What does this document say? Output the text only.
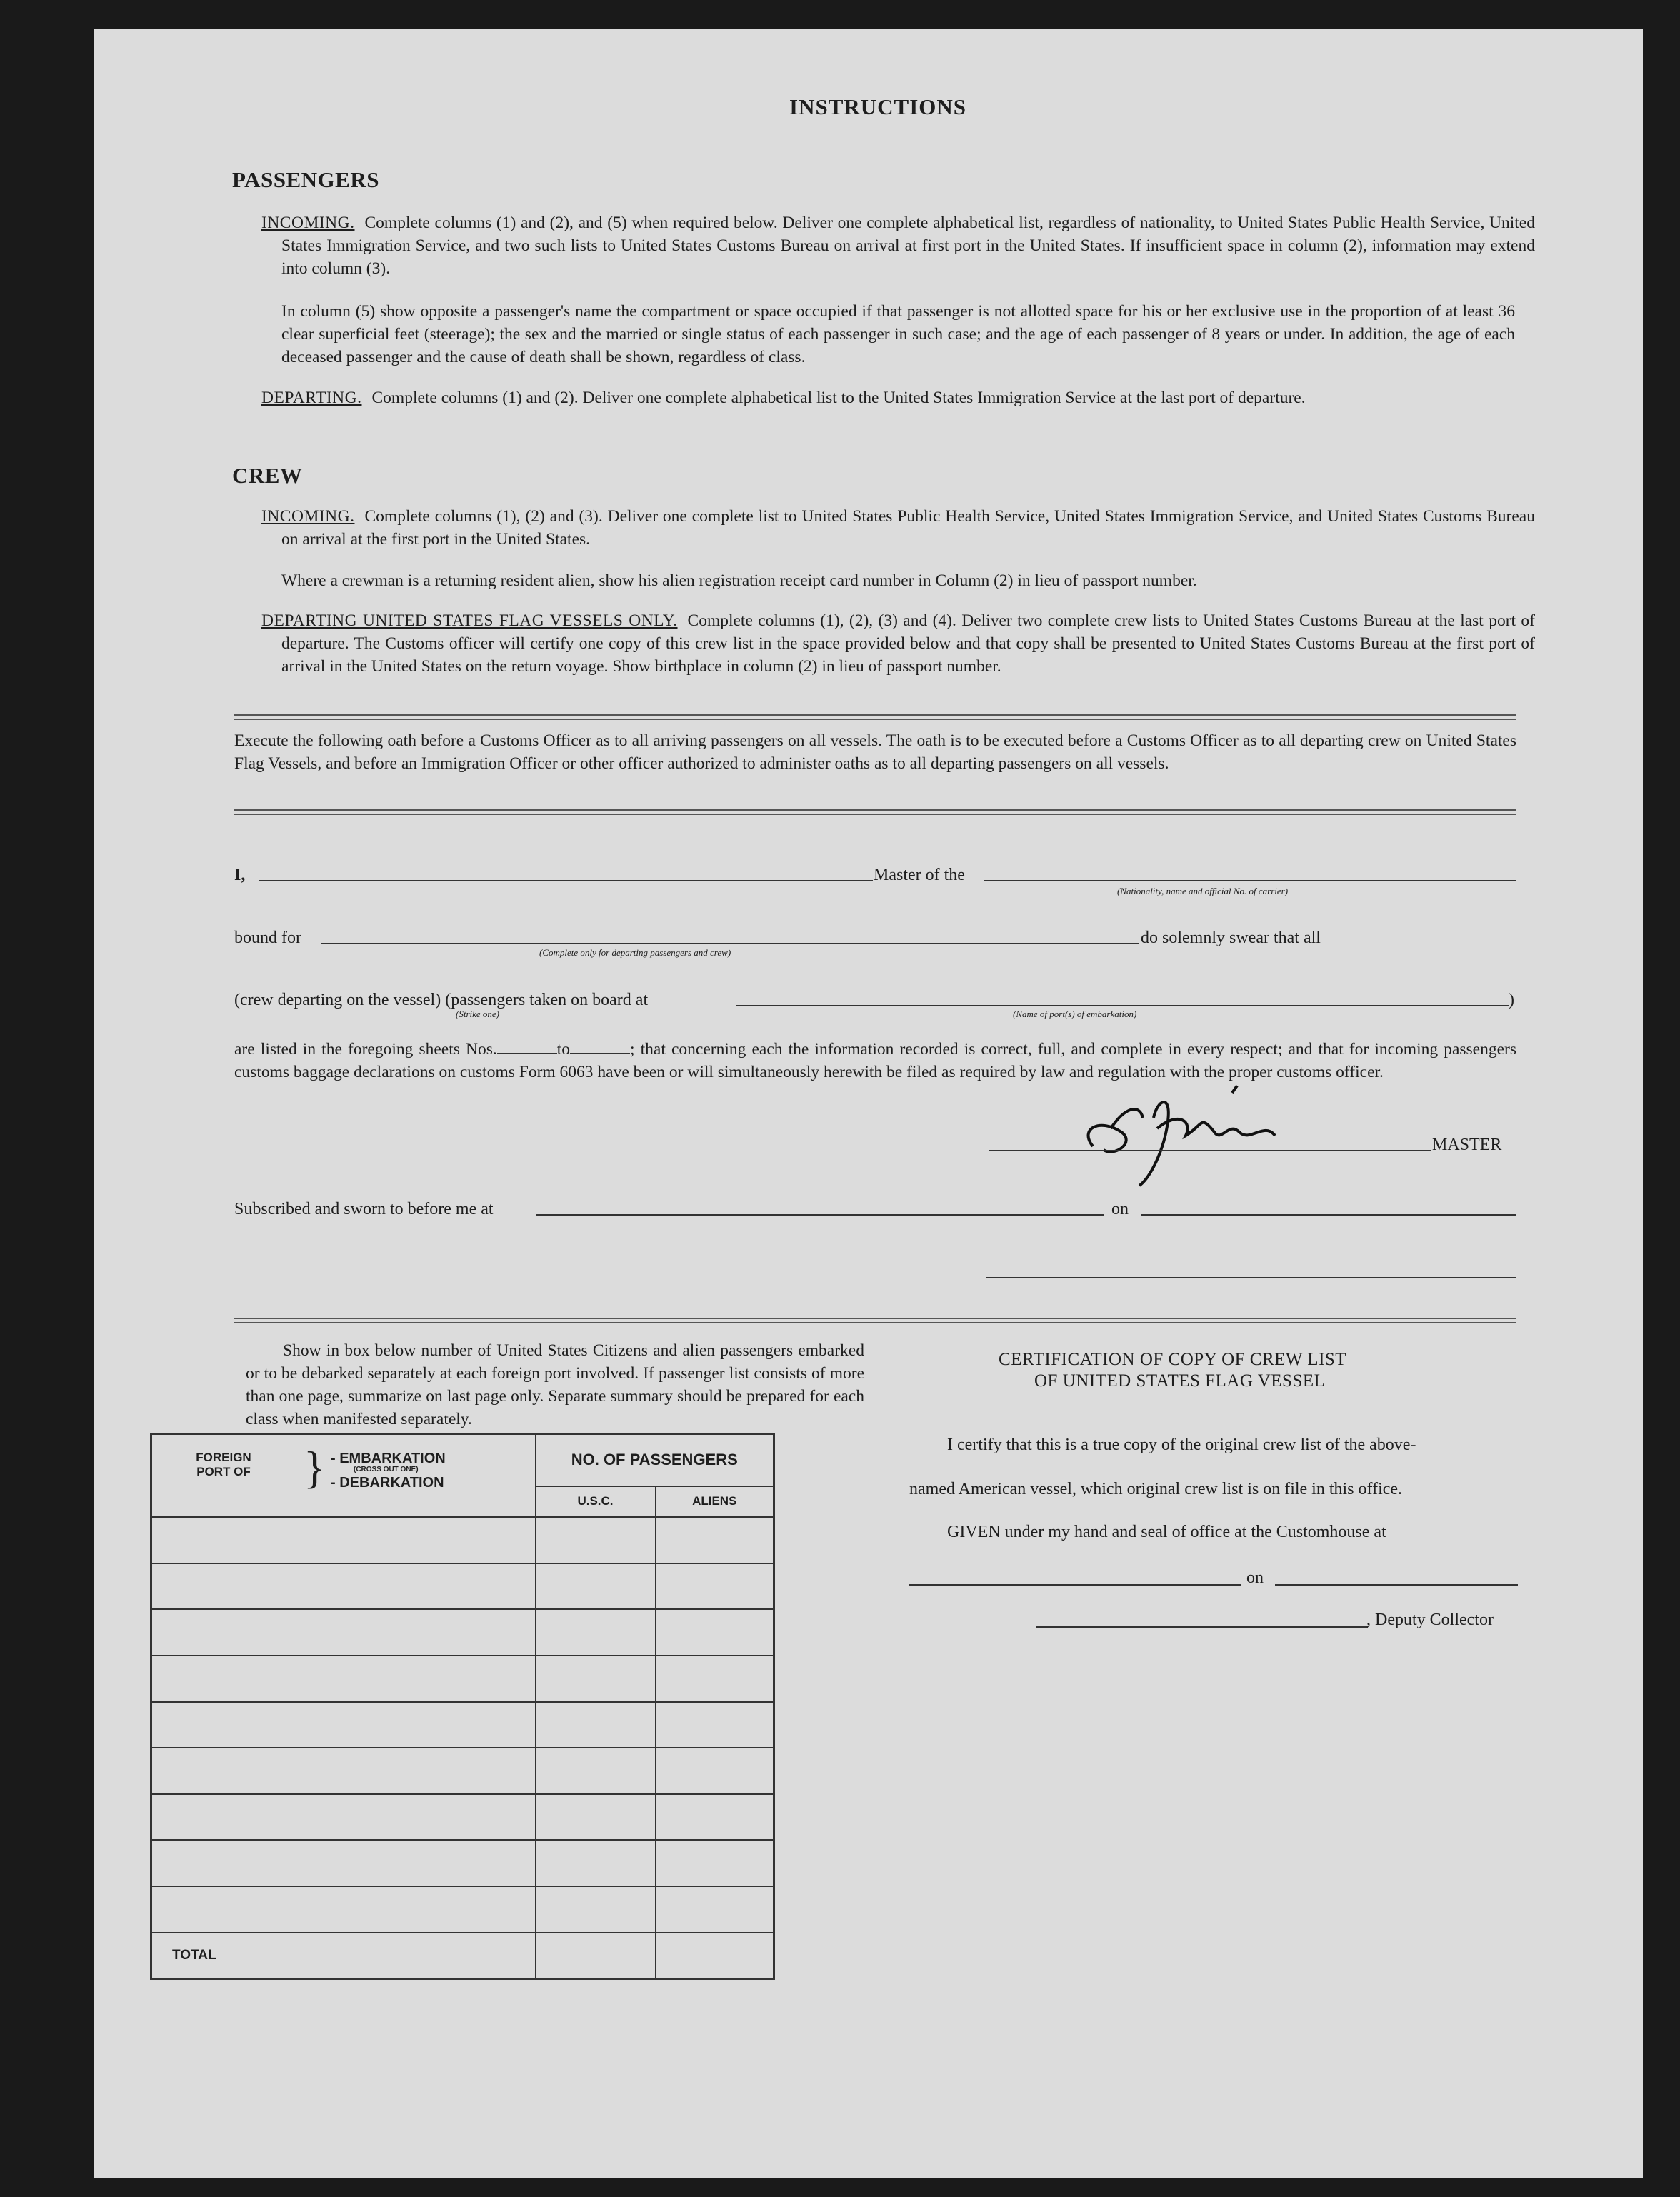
INSTRUCTIONS
PASSENGERS
INCOMING. Complete columns (1) and (2), and (5) when required below. Deliver one complete alphabetical list, regardless of nationality, to United States Public Health Service, United States Immigration Service, and two such lists to United States Customs Bureau on arrival at first port in the United States. If insufficient space in column (2), information may extend into column (3).
In column (5) show opposite a passenger's name the compartment or space occupied if that passenger is not allotted space for his or her exclusive use in the proportion of at least 36 clear superficial feet (steerage); the sex and the married or single status of each passenger in such case; and the age of each passenger of 8 years or under. In addition, the age of each deceased passenger and the cause of death shall be shown, regardless of class.
DEPARTING. Complete columns (1) and (2). Deliver one complete alphabetical list to the United States Immigration Service at the last port of departure.
CREW
INCOMING. Complete columns (1), (2) and (3). Deliver one complete list to United States Public Health Service, United States Immigration Service, and United States Customs Bureau on arrival at the first port in the United States.
Where a crewman is a returning resident alien, show his alien registration receipt card number in Column (2) in lieu of passport number.
DEPARTING UNITED STATES FLAG VESSELS ONLY. Complete columns (1), (2), (3) and (4). Deliver two complete crew lists to United States Customs Bureau at the last port of departure. The Customs officer will certify one copy of this crew list in the space provided below and that copy shall be presented to United States Customs Bureau at the first port of arrival in the United States on the return voyage. Show birthplace in column (2) in lieu of passport number.
Execute the following oath before a Customs Officer as to all arriving passengers on all vessels. The oath is to be executed before a Customs Officer as to all departing crew on United States Flag Vessels, and before an Immigration Officer or other officer authorized to administer oaths as to all departing passengers on all vessels.
I,	Master of the
(Nationality, name and official No. of carrier)
bound for	do solemnly swear that all
(Complete only for departing passengers and crew)
(crew departing on the vessel) (passengers taken on board at	)
(Strike one)	(Name of port(s) of embarkation)
are listed in the foregoing sheets Nos.	to	; that concerning each the information recorded is correct, full, and complete in every respect; and that for incoming passengers customs baggage declarations on customs Form 6063 have been or will simultaneously herewith be filed as required by law and regulation with the proper customs officer.
MASTER
Subscribed and sworn to before me at	on
Show in box below number of United States Citizens and alien passengers embarked or to be debarked separately at each foreign port involved. If passenger list consists of more than one page, summarize on last page only. Separate summary should be prepared for each class when manifested separately.
FOREIGN PORT OF } - EMBARKATION
(CROSS OUT ONE)
- DEBARKATION	NO. OF PASSENGERS	
	U.S.C.	ALIENS

TOTAL		
CERTIFICATION OF COPY OF CREW LIST
OF UNITED STATES FLAG VESSEL
I certify that this is a true copy of the original crew list of the above-
named American vessel, which original crew list is on file in this office.
GIVEN under my hand and seal of office at the Customhouse at
on
, Deputy Collector
